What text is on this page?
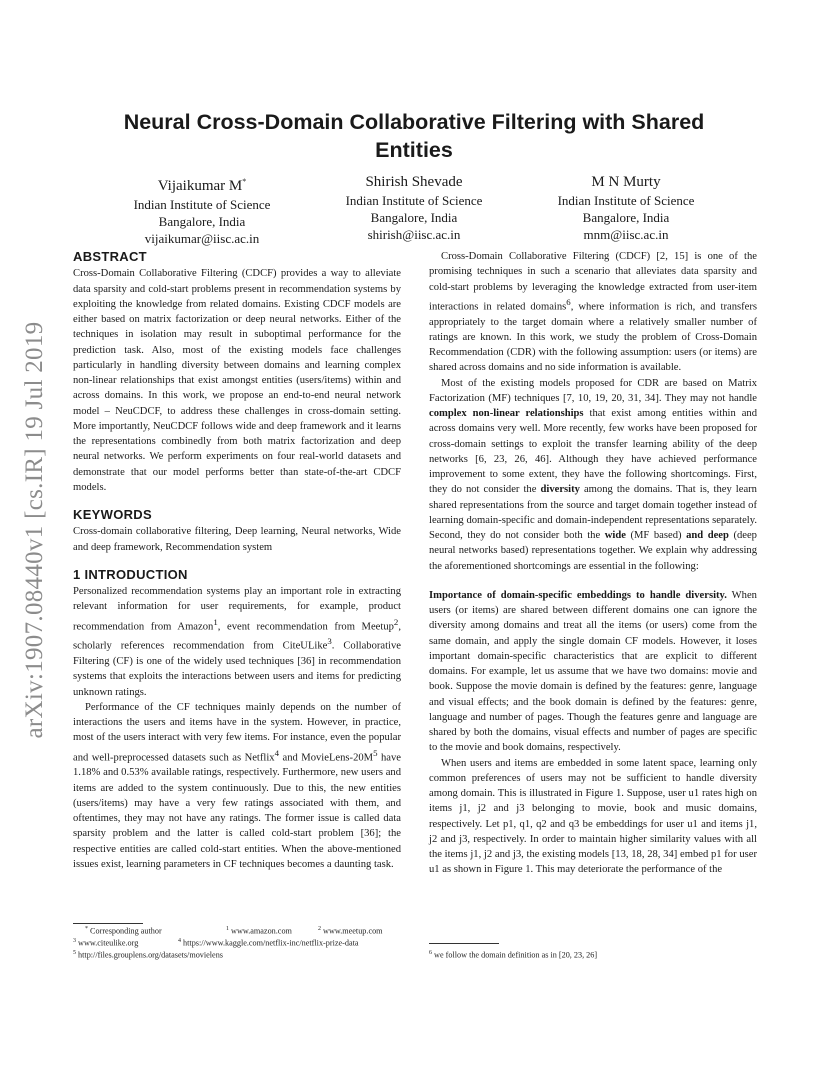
arXiv:1907.08440v1 [cs.IR] 19 Jul 2019
Neural Cross-Domain Collaborative Filtering with Shared Entities
Vijaikumar M*
Indian Institute of Science
Bangalore, India
vijaikumar@iisc.ac.in
Shirish Shevade
Indian Institute of Science
Bangalore, India
shirish@iisc.ac.in
M N Murty
Indian Institute of Science
Bangalore, India
mnm@iisc.ac.in
ABSTRACT

Cross-Domain Collaborative Filtering (CDCF) provides a way to alleviate data sparsity and cold-start problems present in recommendation systems by exploiting the knowledge from related domains. Existing CDCF models are either based on matrix factorization or deep neural networks. Either of the techniques in isolation may result in suboptimal performance for the prediction task. Also, most of the existing models face challenges particularly in handling diversity between domains and learning complex non-linear relationships that exist amongst entities (users/items) within and across domains. In this work, we propose an end-to-end neural network model – NeuCDCF, to address these challenges in cross-domain setting. More importantly, NeuCDCF follows wide and deep framework and it learns the representations combinedly from both matrix factorization and deep neural networks. We perform experiments on four real-world datasets and demonstrate that our model performs better than state-of-the-art CDCF models.

KEYWORDS

Cross-domain collaborative filtering, Deep learning, Neural networks, Wide and deep framework, Recommendation system

1 INTRODUCTION

Personalized recommendation systems play an important role in extracting relevant information for user requirements, for example, product recommendation from Amazon$^1$, event recommendation from Meetup$^2$, scholarly references recommendation from CiteULike$^3$. Collaborative Filtering (CF) is one of the widely used techniques [36] in recommendation systems that exploits the interactions between users and items for predicting unknown ratings.

Performance of the CF techniques mainly depends on the number of interactions the users and items have in the system. However, in practice, most of the users interact with very few items. For instance, even the popular and well-preprocessed datasets such as Netflix$^4$ and MovieLens-$20M^5$ have 1.18% and 0.53% available ratings, respectively. Furthermore, new users and items are added to the system continuously. Due to this, the new entities (users/items) may have a very few ratings associated with them, and oftentimes, they may not have any ratings. The former issue is called data sparsity problem and the latter is called cold-start problem [36]; the respective entities are called cold-start entities. When the above-mentioned issues exist, learning parameters in CF techniques becomes a daunting task.

Cross-Domain Collaborative Filtering (CDCF) [2, 15] is one of the promising techniques in such a scenario that alleviates data sparsity and cold-start problems by leveraging the knowledge extracted from user-item interactions in related domains$^6$, where information is rich, and transfers appropriately to the target domain where a relatively smaller number of ratings are known. In this work, we study the problem of Cross-Domain Recommendation (CDR) with the following assumption: users (or items) are shared across domains and no side information is available.

Most of the existing models proposed for CDR are based on Matrix Factorization (MF) techniques [7, 10, 19, 20, 31, 34]. They may not handle complex non-linear relationships that exist among entities within and across domains very well. More recently, few works have been proposed for cross-domain settings to exploit the transfer learning ability of the deep networks [6, 23, 26, 46]. Although they have achieved performance improvement to some extent, they have the following shortcomings. First, they do not consider the diversity among the domains. That is, they learn shared representations from the source and target domain together instead of learning domain-specific and domain-independent representations separately. Second, they do not consider both the wide (MF based) and deep (deep neural networks based) representations together. We explain why addressing the aforementioned shortcomings are essential in the following:

Importance of domain-specific embeddings to handle diversity. When users (or items) are shared between different domains one can ignore the diversity among domains and treat all the items (or users) come from the same domain, and apply the single domain CF models. However, it loses important domain-specific characteristics that are explicit to different domains. For example, let us assume that we have two domains: movie and book. Suppose the movie domain is defined by the features: genre, language and visual effects; and the book domain is defined by the features: genre, language and number of pages. Though the features genre and language are shared by both the domains, visual effects and number of pages are specific to the movie and book domains, respectively.

When users and items are embedded in some latent space, learning only common preferences of users may not be sufficient to handle diversity among domain. This is illustrated in Figure 1. Suppose, user u1 rates high on items j1, j2 and j3 belonging to movie, book and music domains, respectively. Let p1, q1, q2 and q3 be embeddings for user u1 and items j1, j2 and j3, respectively. In order to maintain higher similarity values with all the items j1, j2 and j3, the existing models [13, 18, 28, 34] embed p1 for user u1 as shown in Figure 1. This may deteriorate the performance of the

* Corresponding author	$^1$ www.amazon.com	$^2$ www.meetup.com
$^3$ www.citeulike.org	$^4$ https://www.kaggle.com/netflix-inc/netflix-prize-data
$^5$ http://files.grouplens.org/datasets/movielens	$^6$ we follow the domain definition as in [20, 23, 26]
